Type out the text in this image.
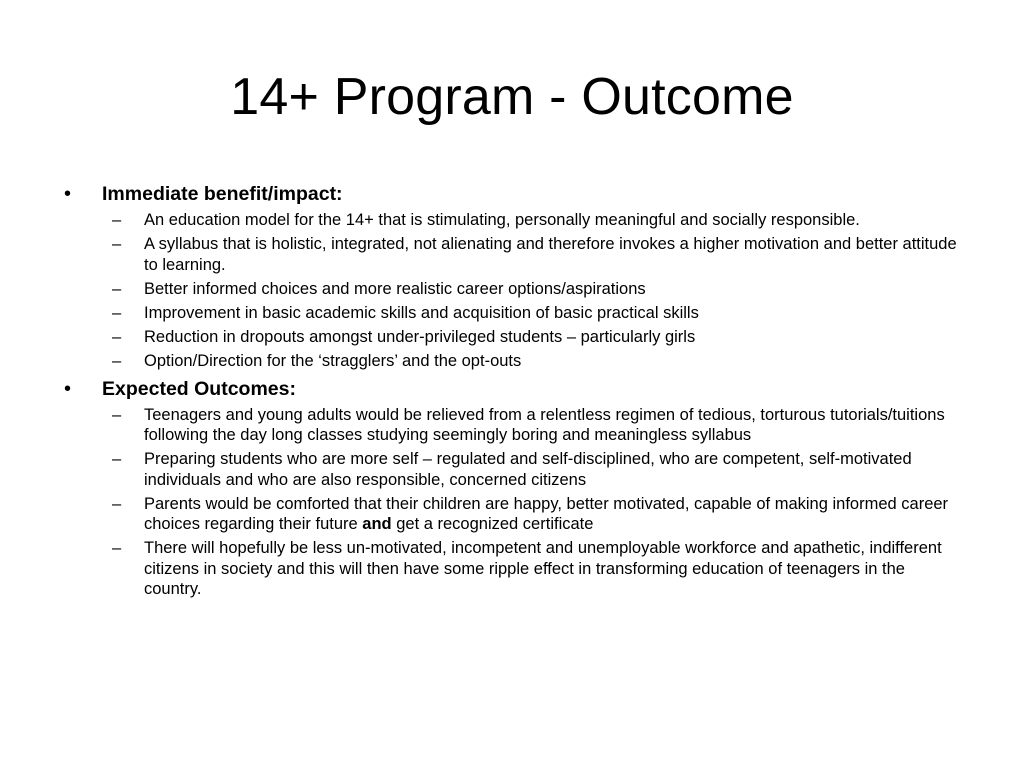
14+ Program - Outcome
•	Immediate benefit/impact:
–	An education model for the 14+ that is stimulating, personally meaningful and socially responsible.
–	A syllabus that is holistic, integrated, not alienating and therefore invokes a higher motivation and better attitude to learning.
–	Better informed choices and more realistic career options/aspirations
–	Improvement in basic academic skills and acquisition of basic practical skills
–	Reduction in dropouts amongst under-privileged students – particularly girls
–	Option/Direction for the ‘stragglers’ and the opt-outs
•	Expected Outcomes:
–	Teenagers and young adults would be relieved from a relentless regimen of tedious, torturous tutorials/tuitions following the day long classes studying seemingly boring and meaningless syllabus
–	Preparing students who are more self – regulated and self-disciplined, who are competent, self-motivated individuals and who are also responsible, concerned citizens
–	Parents would be comforted that their children are happy, better motivated, capable of making informed career choices regarding their future and get a recognized certificate
–	There will hopefully be less un-motivated, incompetent and unemployable workforce and apathetic, indifferent citizens in society and this will then have some ripple effect in transforming education of teenagers in the country.
